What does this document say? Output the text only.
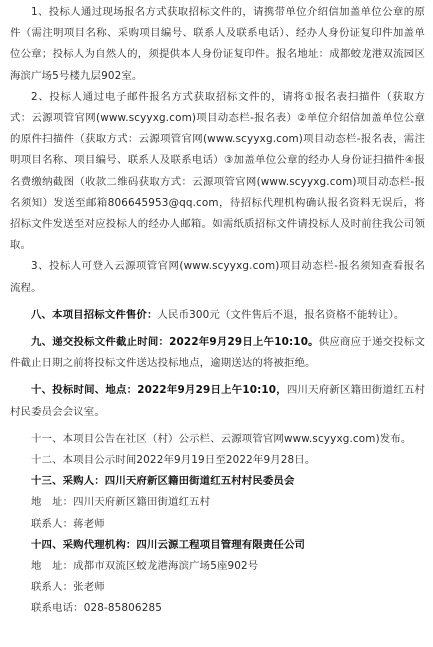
1、投标人通过现场报名方式获取招标文件的，请携带单位介绍信加盖单位公章的原件（需注明项目名称、采购项目编号、联系人及联系电话）、经办人身份证复印件加盖单位公章；投标人为自然人的，须提供本人身份证复印件。报名地址：成都蛟龙港双流园区海滨广场5号楼九层902室。

2、投标人通过电子邮件报名方式获取招标文件的，请将①报名表扫描件（获取方式：云源项管官网(www.scyyxg.com)项目动态栏-报名表）②单位介绍信加盖单位公章的原件扫描件（获取方式：云源项管官网(www.scyyxg.com)项目动态栏-报名表，需注明项目名称、项目编号、联系人及联系电话）③加盖单位公章的经办人身份证扫描件④报名费缴纳截图（收款二维码获取方式：云源项管官网(www.scyyxg.com)项目动态栏-报名须知）发送至邮箱806645953@qq.com，待招标代理机构确认报名资料无误后，将招标文件发送至对应投标人的经办人邮箱。如需纸质招标文件请投标人及时前往我公司领取。

3、投标人可登入云源项管官网(www.scyyxg.com)项目动态栏-报名须知查看报名流程。

八、本项目招标文件售价：人民币300元（文件售后不退，报名资格不能转让）。

九、递交投标文件截止时间：2022年9月29日上午10:10。供应商应于递交投标文件截止日期之前将投标文件送达投标地点，逾期送达的将被拒绝。

十、投标时间、地点：2022年9月29日上午10:10，四川天府新区籍田街道红五村村民委员会会议室。

十一、本项目公告在社区（村）公示栏、云源项管官网www.scyyxg.com)发布。

十二、本项目公示时间2022年9月19日至2022年9月28日。

十三、采购人：四川天府新区籍田街道红五村村民委员会

地　址：四川天府新区籍田街道红五村

联系人：蒋老师

十四、采购代理机构：四川云源工程项目管理有限责任公司

地　址：成都市双流区蛟龙港海滨广场5座902号

联系人：张老师

联系电话：028-85806285
